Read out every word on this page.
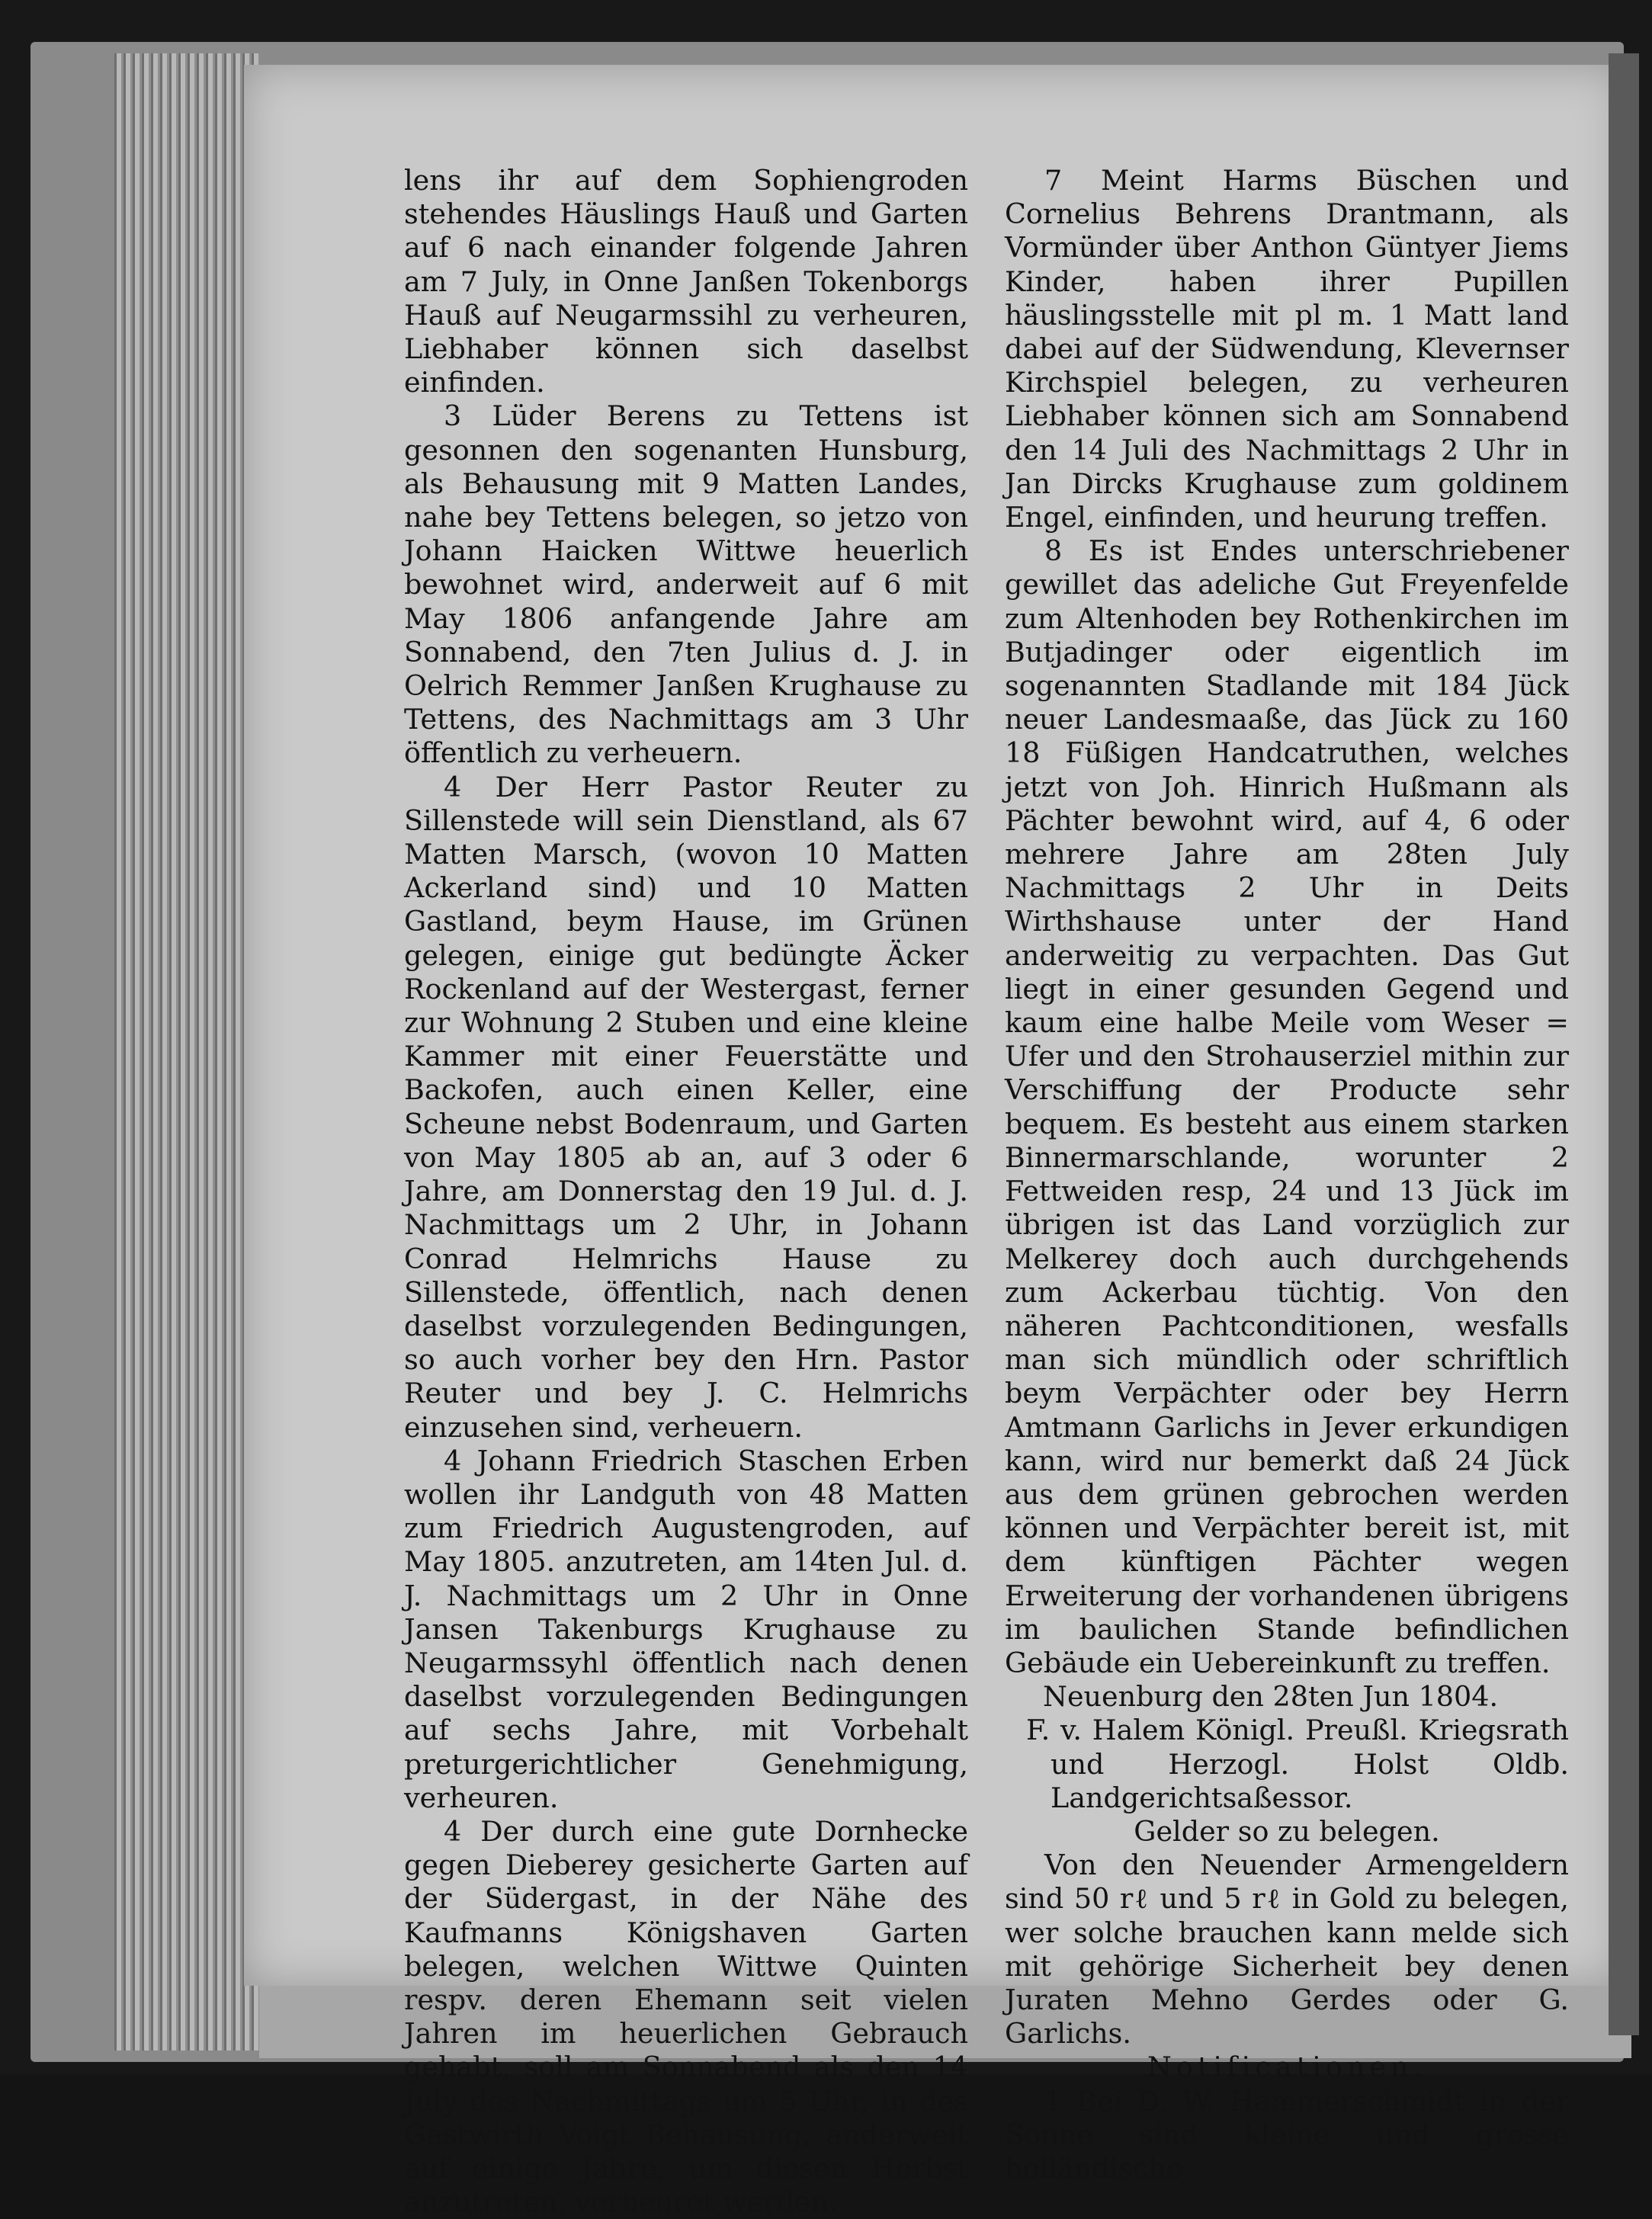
lens ihr auf dem Sophiengroden stehendes Häuslings Hauß und Garten auf 6 nach einander folgende Jahren am 7 July, in Onne Janßen Tokenborgs Hauß auf Neugarmssihl zu verheuren, Liebhaber können sich daselbst einfinden.

3 Lüder Berens zu Tettens ist gesonnen den sogenanten Hunsburg, als Behausung mit 9 Matten Landes, nahe bey Tettens belegen, so jetzo von Johann Haicken Wittwe heuerlich bewohnet wird, anderweit auf 6 mit May 1806 anfangende Jahre am Sonnabend, den 7ten Julius d. J. in Oelrich Remmer Janßen Krughause zu Tettens, des Nachmittags am 3 Uhr öffentlich zu verheuern.

4 Der Herr Pastor Reuter zu Sillenstede will sein Dienstland, als 67 Matten Marsch, (wovon 10 Matten Ackerland sind) und 10 Matten Gastland, beym Hause, im Grünen gelegen, einige gut bedüngte Äcker Rockenland auf der Westergast, ferner zur Wohnung 2 Stuben und eine kleine Kammer mit einer Feuerstätte und Backofen, auch einen Keller, eine Scheune nebst Bodenraum, und Garten von May 1805 ab an, auf 3 oder 6 Jahre, am Donnerstag den 19 Jul. d. J. Nachmittags um 2 Uhr, in Johann Conrad Helmrichs Hause zu Sillenstede, öffentlich, nach denen daselbst vorzulegenden Bedingungen, so auch vorher bey den Hrn. Pastor Reuter und bey J. C. Helmrichs einzusehen sind, verheuern.

4 Johann Friedrich Staschen Erben wollen ihr Landguth von 48 Matten zum Friedrich Augustengroden, auf May 1805. anzutreten, am 14ten Jul. d. J. Nachmittags um 2 Uhr in Onne Jansen Takenburgs Krughause zu Neugarmssyhl öffentlich nach denen daselbst vorzulegenden Bedingungen auf sechs Jahre, mit Vorbehalt preturgerichtlicher Genehmigung, verheuren.

4 Der durch eine gute Dornhecke gegen Dieberey gesicherte Garten auf der Südergast, in der Nähe des Kaufmanns Königshaven Garten belegen, welchen Wittwe Quinten respv. deren Ehemann seit vielen Jahren im heuerlichen Gebrauch gehabt, soll am Sonnabend als den 14 July des Nachmittags um 5 Uhr, in des Gastwirth Voigt Behausung, anderweit auf einige Jahre, um diesen Herbst anzutreten, verheuret werden.

7 Meint Harms Büschen und Cornelius Behrens Drantmann, als Vormünder über Anthon Güntyer Jiems Kinder, haben ihrer Pupillen häuslingsstelle mit pl m. 1 Matt land dabei auf der Südwendung, Klevernser Kirchspiel belegen, zu verheuren Liebhaber können sich am Sonnabend den 14 Juli des Nachmittags 2 Uhr in Jan Dircks Krughause zum goldinem Engel, einfinden, und heurung treffen.

8 Es ist Endes unterschriebener gewillet das adeliche Gut Freyenfelde zum Altenhoden bey Rothenkirchen im Butjadinger oder eigentlich im sogenannten Stadlande mit 184 Jück neuer Landesmaaße, das Jück zu 160 18 Füßigen Handcatruthen, welches jetzt von Joh. Hinrich Hußmann als Pächter bewohnt wird, auf 4, 6 oder mehrere Jahre am 28ten July Nachmittags 2 Uhr in Deits Wirthshause unter der Hand anderweitig zu verpachten. Das Gut liegt in einer gesunden Gegend und kaum eine halbe Meile vom Weser = Ufer und den Strohauserziel mithin zur Verschiffung der Producte sehr bequem. Es besteht aus einem starken Binnermarschlande, worunter 2 Fettweiden resp, 24 und 13 Jück im übrigen ist das Land vorzüglich zur Melkerey doch auch durchgehends zum Ackerbau tüchtig. Von den näheren Pachtconditionen, wesfalls man sich mündlich oder schriftlich beym Verpächter oder bey Herrn Amtmann Garlichs in Jever erkundigen kann, wird nur bemerkt daß 24 Jück aus dem grünen gebrochen werden können und Verpächter bereit ist, mit dem künftigen Pächter wegen Erweiterung der vorhandenen übrigens im baulichen Stande befindlichen Gebäude ein Uebereinkunft zu treffen.

Neuenburg den 28ten Jun 1804.

F. v. Halem Königl. Preußl. Kriegsrath und Herzogl. Holst Oldb. Landgerichtsaßessor.

Gelder so zu belegen.

Von den Neuender Armengeldern sind 50 rℓ und 5 rℓ in Gold zu belegen, wer solche brauchen kann melde sich mit gehörige Sicherheit bey denen Juraten Mehno Gerdes oder G. Garlichs.

Notificationen.

1 Bei D. W. Hammerschmidt in der Sonne sind kleine und grosse holländische
